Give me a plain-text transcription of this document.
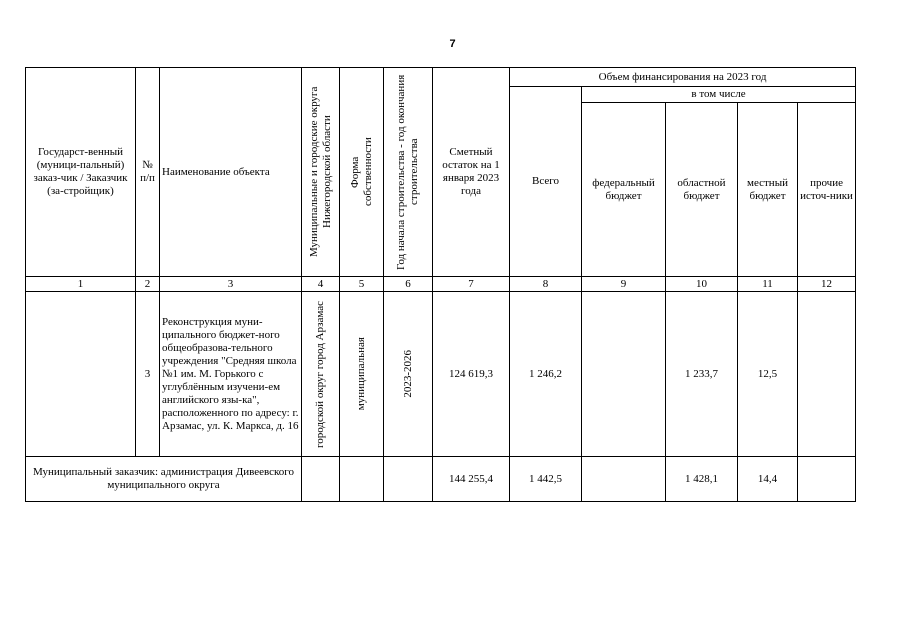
7
Государст-венный (муници-пальный) заказ-чик / Заказчик (за-стройщик)	№ п/п	Наименование объекта	Муниципальные и городские округа Нижегородской области	Форма собственности	Год начала строительства - год окончания строительства	Сметный остаток на 1 января 2023 года	Объем финансирования на 2023 год				
							Всего	в том числе			
								федеральный бюджет	областной бюджет	местный бюджет	прочие источ-ники
1	2	3	4	5	6	7	8	9	10	11	12
	3	Реконструкция муни-ципального бюджет-ного общеобразова-тельного учреждения "Средняя школа №1 им. М. Горького с углублённым изучени-ем английского язы-ка", расположенного по адресу: г. Арзамас, ул. К. Маркса, д. 16	городской округ город Арзамас	муниципальная	2023-2026	124 619,3	1 246,2		1 233,7	12,5	
Муниципальный заказчик: администрация Дивеевского муниципального округа						144 255,4	1 442,5		1 428,1	14,4	
